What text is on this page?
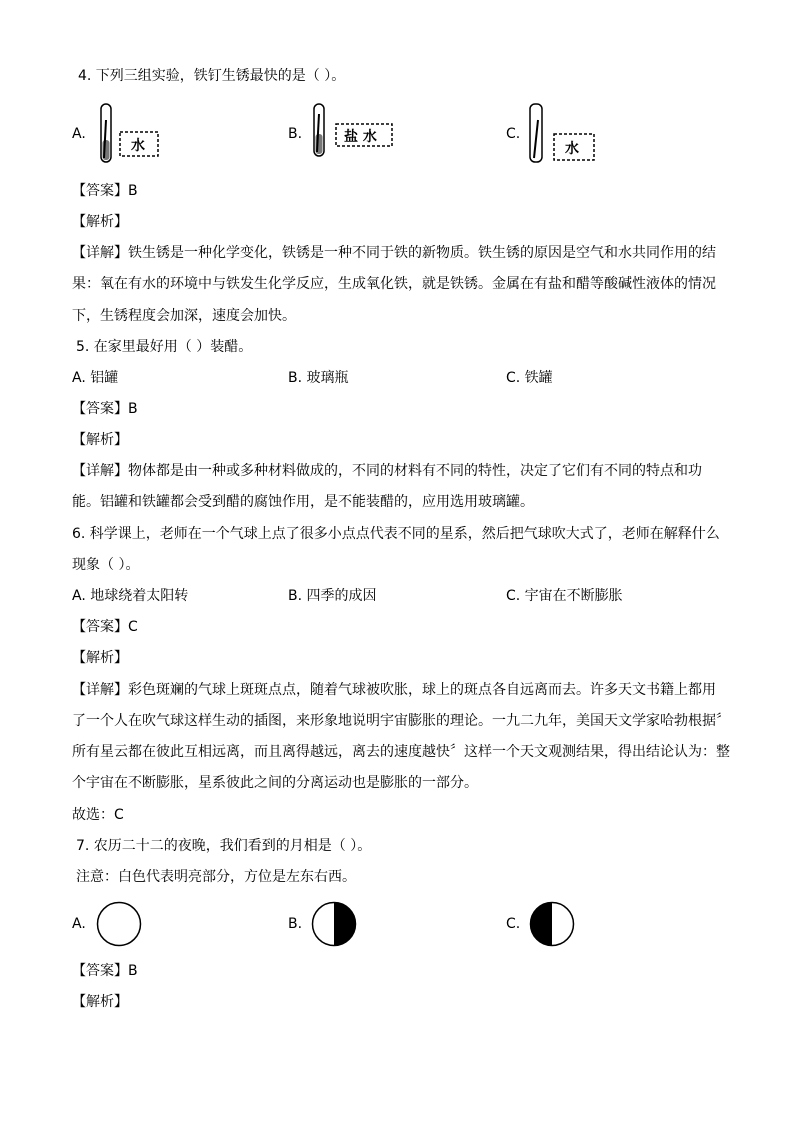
4. 下列三组实验，铁钉生锈最快的是（ ）。
A.
水
B.	盐 水	C.
水
【答案】B
【解析】
【详解】铁生锈是一种化学变化，铁锈是一种不同于铁的新物质。铁生锈的原因是空气和水共同作用的结
果：氧在有水的环境中与铁发生化学反应，生成氧化铁，就是铁锈。金属在有盐和醋等酸碱性液体的情况
下，生锈程度会加深，速度会加快。
5. 在家里最好用（ ）装醋。
A. 铝罐	B. 玻璃瓶	C. 铁罐
【答案】B
【解析】
【详解】物体都是由一种或多种材料做成的，不同的材料有不同的特性，决定了它们有不同的特点和功
能。铝罐和铁罐都会受到醋的腐蚀作用，是不能装醋的，应用选用玻璃罐。
6. 科学课上，老师在一个气球上点了很多小点点代表不同的星系，然后把气球吹大式了，老师在解释什么
现象（ ）。
A. 地球绕着太阳转	B. 四季的成因	C. 宇宙在不断膨胀
【答案】C
【解析】
【详解】彩色斑斓的气球上斑斑点点，随着气球被吹胀，球上的斑点各自远离而去。许多天文书籍上都用
了一个人在吹气球这样生动的插图，来形象地说明宇宙膨胀的理论。一九二九年，美国天文学家哈勃根据〞
所有星云都在彼此互相远离，而且离得越远，离去的速度越快〞这样一个天文观测结果，得出结论认为：整
个宇宙在不断膨胀，星系彼此之间的分离运动也是膨胀的一部分。
故选：C
7. 农历二十二的夜晚，我们看到的月相是（ ）。
注意：白色代表明亮部分，方位是左东右西。
A.	B.	C.
【答案】B
【解析】
